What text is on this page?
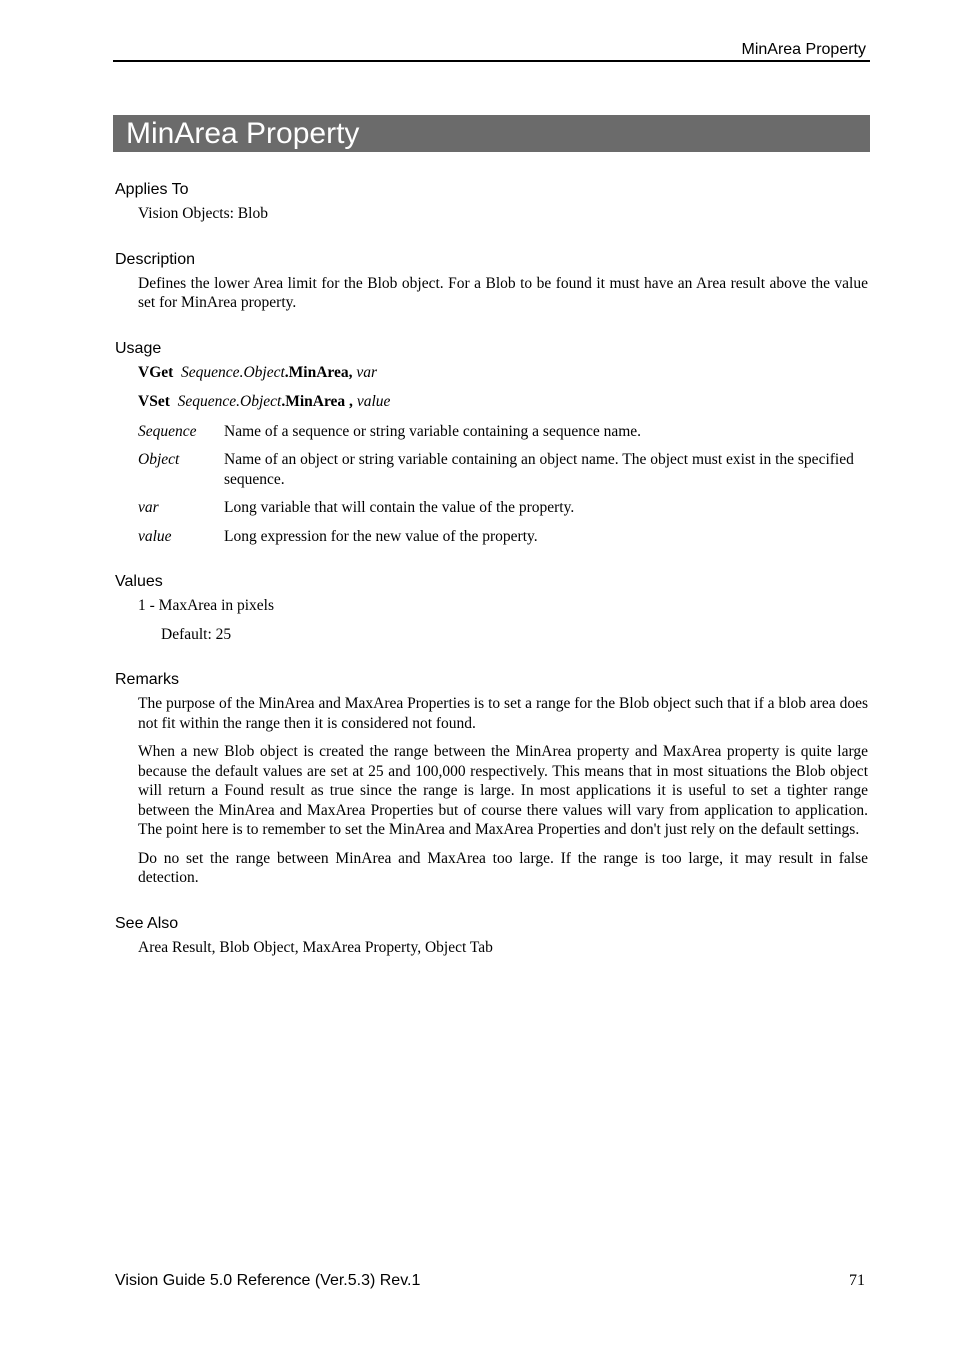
MinArea Property
MinArea Property
Applies To

Vision Objects: Blob

Description

Defines the lower Area limit for the Blob object. For a Blob to be found it must have an Area result above the value set for MinArea property.

Usage
VGet Sequence.Object.MinArea, var
VSet Sequence.Object.MinArea , value
Sequence	Name of a sequence or string variable containing a sequence name.
Object	Name of an object or string variable containing an object name. The object must exist in the specified sequence.
var	Long variable that will contain the value of the property.
value	Long expression for the new value of the property.
Values

1 - MaxArea in pixels

Default: 25

Remarks

The purpose of the MinArea and MaxArea Properties is to set a range for the Blob object such that if a blob area does not fit within the range then it is considered not found.

When a new Blob object is created the range between the MinArea property and MaxArea property is quite large because the default values are set at 25 and 100,000 respectively. This means that in most situations the Blob object will return a Found result as true since the range is large. In most applications it is useful to set a tighter range between the MinArea and MaxArea Properties but of course there values will vary from application to application. The point here is to remember to set the MinArea and MaxArea Properties and don't just rely on the default settings.

Do no set the range between MinArea and MaxArea too large. If the range is too large, it may result in false detection.

See Also

Area Result, Blob Object, MaxArea Property, Object Tab

Vision Guide 5.0 Reference (Ver.5.3) Rev.1	71
